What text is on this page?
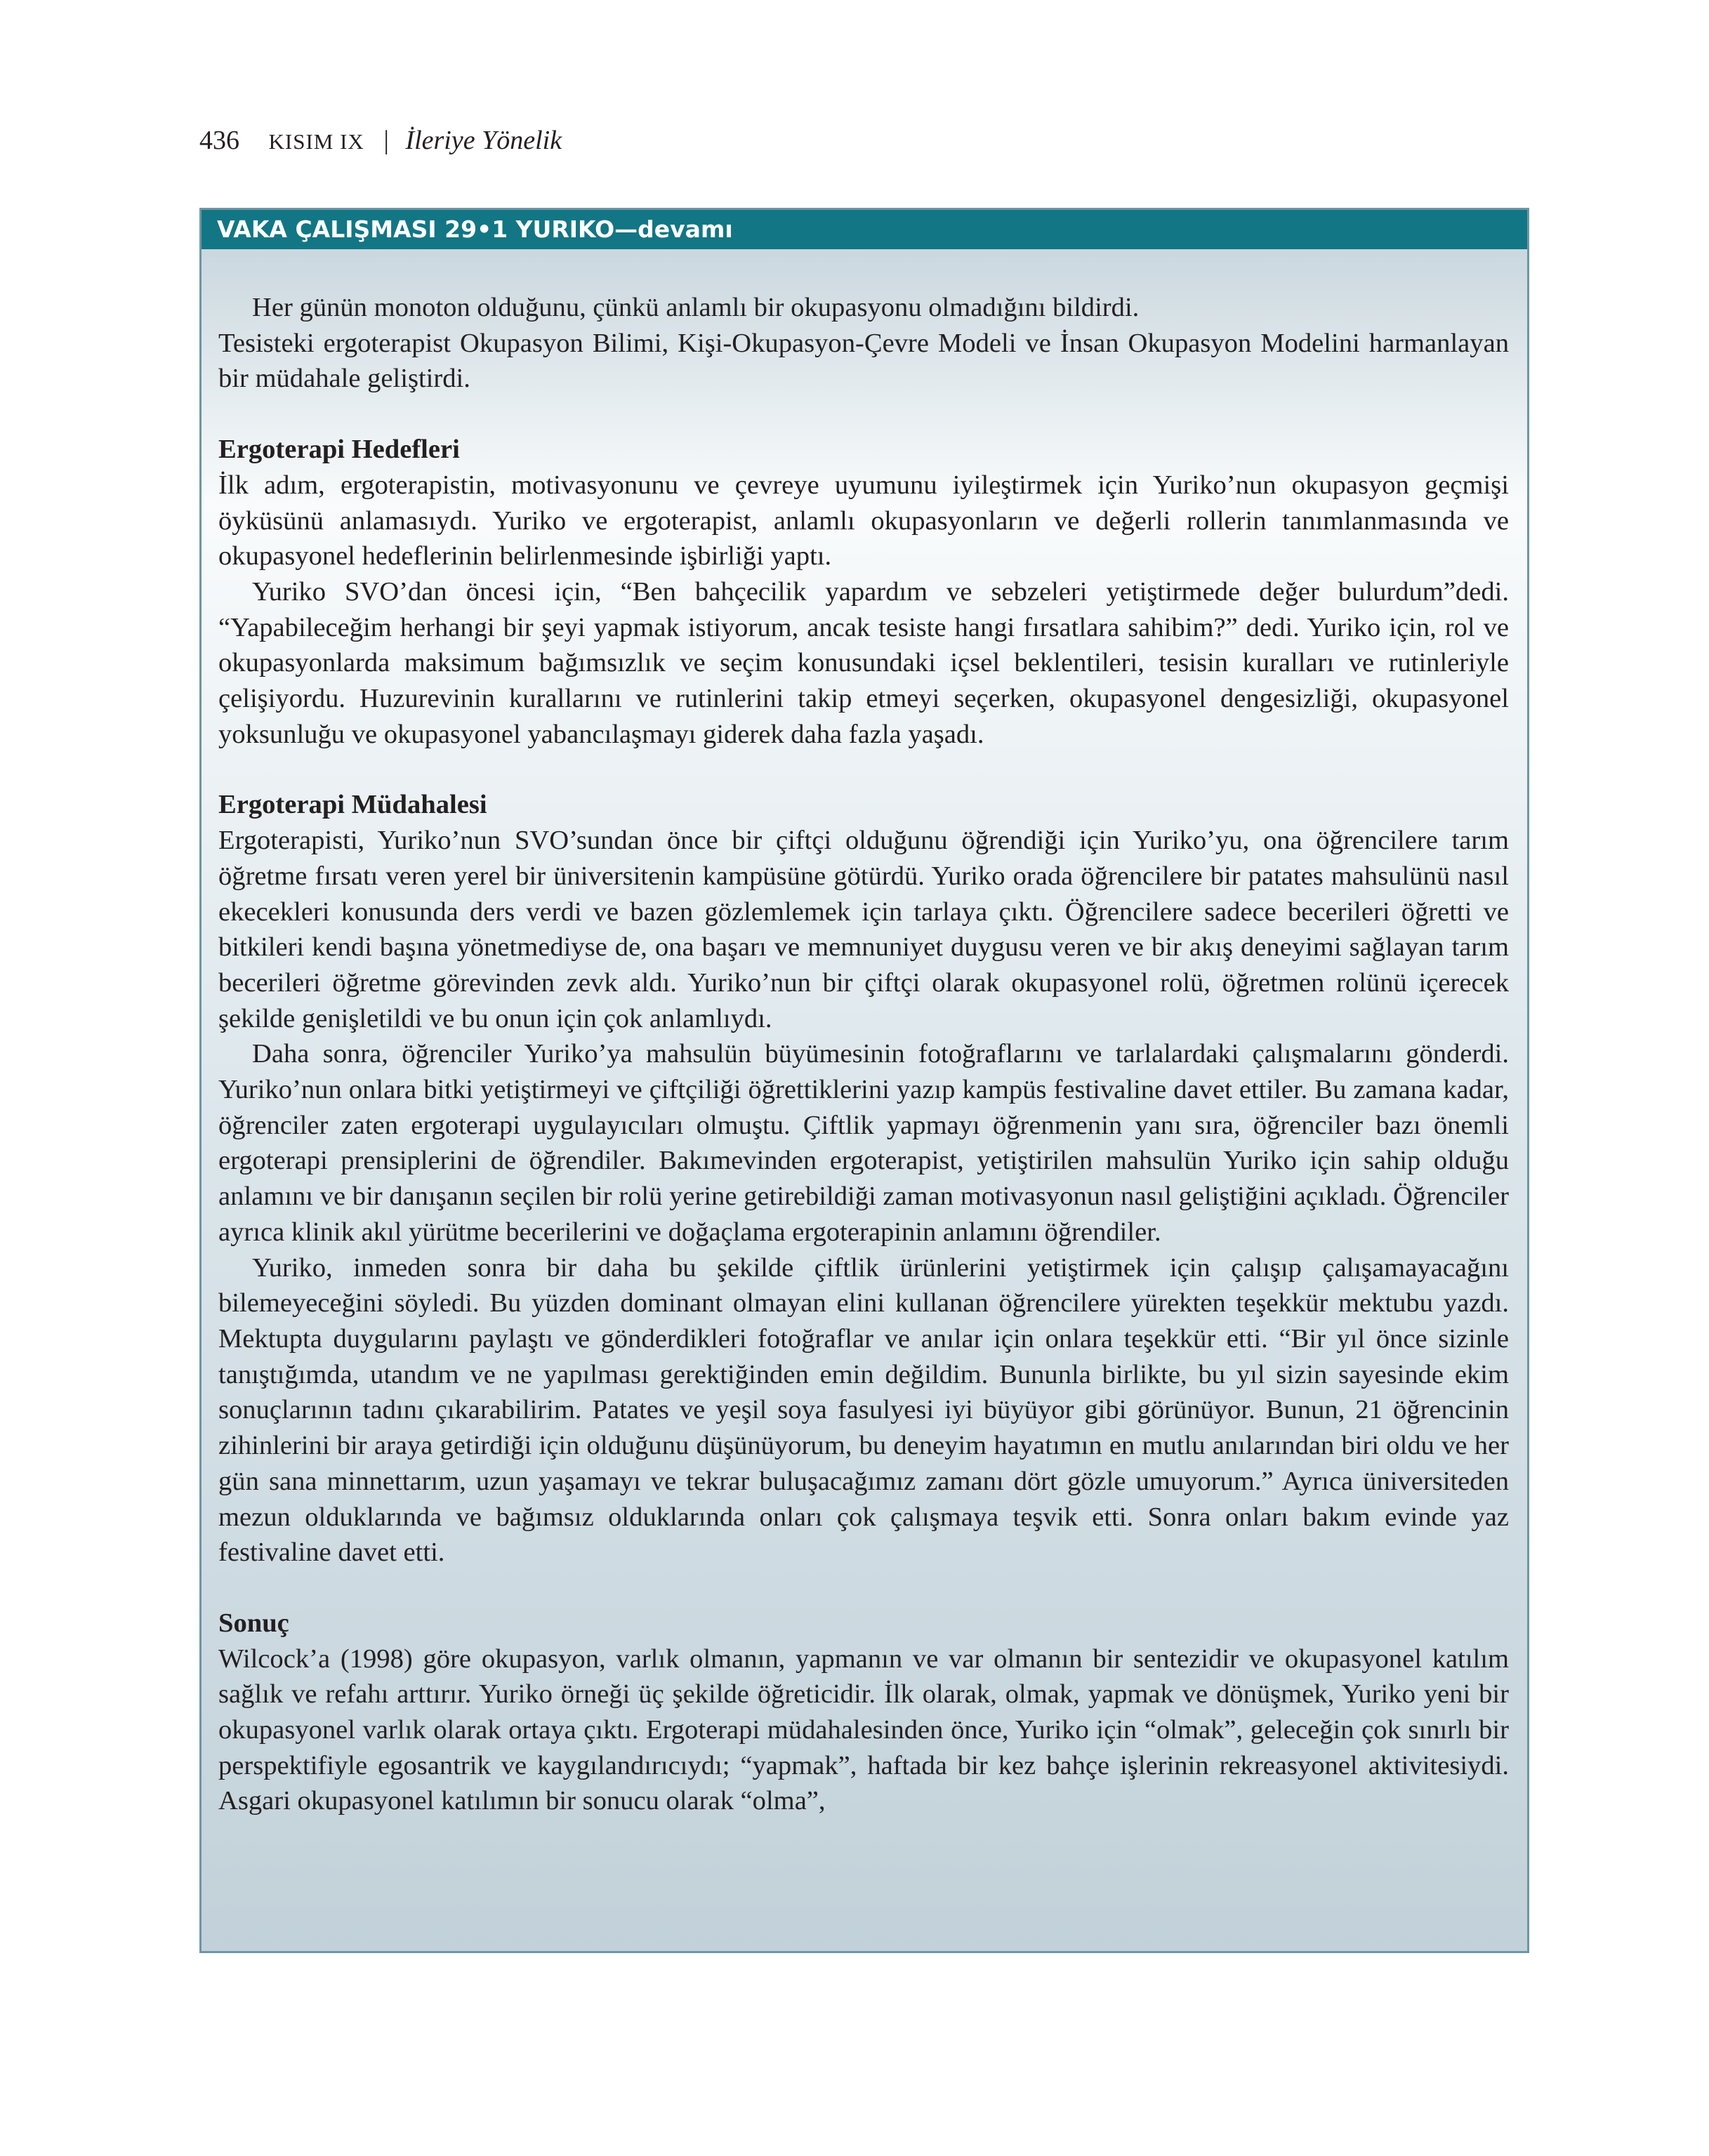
436 KISIM IX | İleriye Yönelik
VAKA ÇALIŞMASI 29•1 YURIKO—devamı

Her günün monoton olduğunu, çünkü anlamlı bir okupasyonu olmadığını bildirdi.

Tesisteki ergoterapist Okupasyon Bilimi, Kişi-Okupasyon-Çevre Modeli ve İnsan Okupasyon Modelini harmanlayan bir müdahale geliştirdi.

Ergoterapi Hedefleri

İlk adım, ergoterapistin, motivasyonunu ve çevreye uyumunu iyileştirmek için Yuriko’nun okupasyon geçmişi öyküsünü anlamasıydı. Yuriko ve ergoterapist, anlamlı okupasyonların ve değerli rollerin tanımlanmasında ve okupasyonel hedeflerinin belirlenmesinde işbirliği yaptı.

Yuriko SVO’dan öncesi için, “Ben bahçecilik yapardım ve sebzeleri yetiştirmede değer bulurdum”dedi. “Yapabileceğim herhangi bir şeyi yapmak istiyorum, ancak tesiste hangi fırsatlara sahibim?” dedi. Yuriko için, rol ve okupasyonlarda maksimum bağımsızlık ve seçim konusundaki içsel beklentileri, tesisin kuralları ve rutinleriyle çelişiyordu. Huzurevinin kurallarını ve rutinlerini takip etmeyi seçerken, okupasyonel dengesizliği, okupasyonel yoksunluğu ve okupasyonel yabancılaşmayı giderek daha fazla yaşadı.

Ergoterapi Müdahalesi

Ergoterapisti, Yuriko’nun SVO’sundan önce bir çiftçi olduğunu öğrendiği için Yuriko’yu, ona öğrencilere tarım öğretme fırsatı veren yerel bir üniversitenin kampüsüne götürdü. Yuriko orada öğrencilere bir patates mahsulünü nasıl ekecekleri konusunda ders verdi ve bazen gözlemlemek için tarlaya çıktı. Öğrencilere sadece becerileri öğretti ve bitkileri kendi başına yönetmediyse de, ona başarı ve memnuniyet duygusu veren ve bir akış deneyimi sağlayan tarım becerileri öğretme görevinden zevk aldı. Yuriko’nun bir çiftçi olarak okupasyonel rolü, öğretmen rolünü içerecek şekilde genişletildi ve bu onun için çok anlamlıydı.

Daha sonra, öğrenciler Yuriko’ya mahsulün büyümesinin fotoğraflarını ve tarlalardaki çalışmalarını gönderdi. Yuriko’nun onlara bitki yetiştirmeyi ve çiftçiliği öğrettiklerini yazıp kampüs festivaline davet ettiler. Bu zamana kadar, öğrenciler zaten ergoterapi uygulayıcıları olmuştu. Çiftlik yapmayı öğrenmenin yanı sıra, öğrenciler bazı önemli ergoterapi prensiplerini de öğrendiler. Bakımevinden ergoterapist, yetiştirilen mahsulün Yuriko için sahip olduğu anlamını ve bir danışanın seçilen bir rolü yerine getirebildiği zaman motivasyonun nasıl geliştiğini açıkladı. Öğrenciler ayrıca klinik akıl yürütme becerilerini ve doğaçlama ergoterapinin anlamını öğrendiler.

Yuriko, inmeden sonra bir daha bu şekilde çiftlik ürünlerini yetiştirmek için çalışıp çalışamayacağını bilemeyeceğini söyledi. Bu yüzden dominant olmayan elini kullanan öğrencilere yürekten teşekkür mektubu yazdı. Mektupta duygularını paylaştı ve gönderdikleri fotoğraflar ve anılar için onlara teşekkür etti. “Bir yıl önce sizinle tanıştığımda, utandım ve ne yapılması gerektiğinden emin değildim. Bununla birlikte, bu yıl sizin sayesinde ekim sonuçlarının tadını çıkarabilirim. Patates ve yeşil soya fasulyesi iyi büyüyor gibi görünüyor. Bunun, 21 öğrencinin zihinlerini bir araya getirdiği için olduğunu düşünüyorum, bu deneyim hayatımın en mutlu anılarından biri oldu ve her gün sana minnettarım, uzun yaşamayı ve tekrar buluşacağımız zamanı dört gözle umuyorum.” Ayrıca üniversiteden mezun olduklarında ve bağımsız olduklarında onları çok çalışmaya teşvik etti. Sonra onları bakım evinde yaz festivaline davet etti.

Sonuç

Wilcock’a (1998) göre okupasyon, varlık olmanın, yapmanın ve var olmanın bir sentezidir ve okupasyonel katılım sağlık ve refahı arttırır. Yuriko örneği üç şekilde öğreticidir. İlk olarak, olmak, yapmak ve dönüşmek, Yuriko yeni bir okupasyonel varlık olarak ortaya çıktı. Ergoterapi müdahalesinden önce, Yuriko için “olmak”, geleceğin çok sınırlı bir perspektifiyle egosantrik ve kaygılandırıcıydı; “yapmak”, haftada bir kez bahçe işlerinin rekreasyonel aktivitesiydi. Asgari okupasyonel katılımın bir sonucu olarak “olma”,
